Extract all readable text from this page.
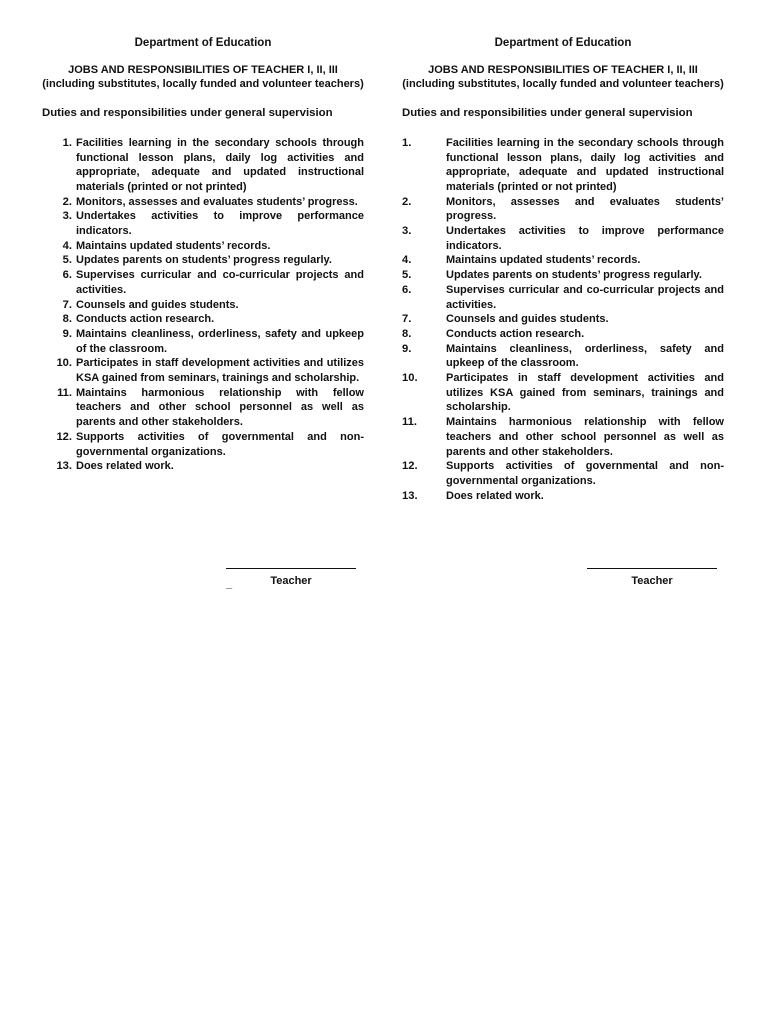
Department of Education

JOBS AND RESPONSIBILITIES OF TEACHER I, II, III

(including substitutes, locally funded and volunteer teachers)

Duties and responsibilities under general supervision

1. Facilities learning in the secondary schools through functional lesson plans, daily log activities and appropriate, adequate and updated instructional materials (printed or not printed)
2. Monitors, assesses and evaluates students’ progress.
3. Undertakes activities to improve performance indicators.
4. Maintains updated students’ records.
5. Updates parents on students’ progress regularly.
6. Supervises curricular and co-curricular projects and activities.
7. Counsels and guides students.
8. Conducts action research.
9. Maintains cleanliness, orderliness, safety and upkeep of the classroom.
10. Participates in staff development activities and utilizes KSA gained from seminars, trainings and scholarship.
11. Maintains harmonious relationship with fellow teachers and other school personnel as well as parents and other stakeholders.
12. Supports activities of governmental and non-governmental organizations.
13. Does related work.

Department of Education

JOBS AND RESPONSIBILITIES OF TEACHER I, II, III

(including substitutes, locally funded and volunteer teachers)

Duties and responsibilities under general supervision

1.	Facilities learning in the secondary schools through functional lesson plans, daily log activities and appropriate, adequate and updated instructional materials (printed or not printed)
2.	Monitors, assesses and evaluates students’ progress.
3.	Undertakes activities to improve performance indicators.
4.	Maintains updated students’ records.
5.	Updates parents on students’ progress regularly.
6.	Supervises curricular and co-curricular projects and activities.
7.	Counsels and guides students.
8.	Conducts action research.
9.	Maintains cleanliness, orderliness, safety and upkeep of the classroom.
10.	Participates in staff development activities and utilizes KSA gained from seminars, trainings and scholarship.
11.	Maintains harmonious relationship with fellow teachers and other school personnel as well as parents and other stakeholders.
12.	Supports activities of governmental and non-governmental organizations.
13.	Does related work.
_	Teacher	Teacher
